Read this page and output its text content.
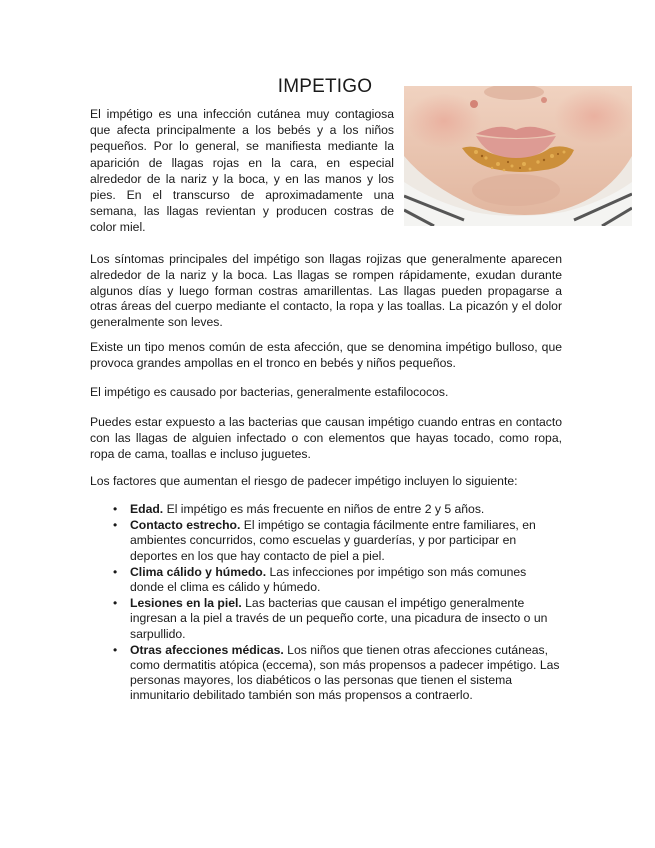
IMPETIGO

El impétigo es una infección cutánea muy contagiosa que afecta principalmente a los bebés y a los niños pequeños. Por lo general, se manifiesta mediante la aparición de llagas rojas en la cara, en especial alrededor de la nariz y la boca, y en las manos y los pies. En el transcurso de aproximadamente una semana, las llagas revientan y producen costras de color miel.

Los síntomas principales del impétigo son llagas rojizas que generalmente aparecen alrededor de la nariz y la boca. Las llagas se rompen rápidamente, exudan durante algunos días y luego forman costras amarillentas. Las llagas pueden propagarse a otras áreas del cuerpo mediante el contacto, la ropa y las toallas. La picazón y el dolor generalmente son leves.

Existe un tipo menos común de esta afección, que se denomina impétigo bulloso, que provoca grandes ampollas en el tronco en bebés y niños pequeños.

El impétigo es causado por bacterias, generalmente estafilococos.

Puedes estar expuesto a las bacterias que causan impétigo cuando entras en contacto con las llagas de alguien infectado o con elementos que hayas tocado, como ropa, ropa de cama, toallas e incluso juguetes.

Los factores que aumentan el riesgo de padecer impétigo incluyen lo siguiente:

• Edad. El impétigo es más frecuente en niños de entre 2 y 5 años.
• Contacto estrecho. El impétigo se contagia fácilmente entre familiares, en ambientes concurridos, como escuelas y guarderías, y por participar en deportes en los que hay contacto de piel a piel.
• Clima cálido y húmedo. Las infecciones por impétigo son más comunes donde el clima es cálido y húmedo.
• Lesiones en la piel. Las bacterias que causan el impétigo generalmente ingresan a la piel a través de un pequeño corte, una picadura de insecto o un sarpullido.
• Otras afecciones médicas. Los niños que tienen otras afecciones cutáneas, como dermatitis atópica (eccema), son más propensos a padecer impétigo. Las personas mayores, los diabéticos o las personas que tienen el sistema inmunitario debilitado también son más propensos a contraerlo.
